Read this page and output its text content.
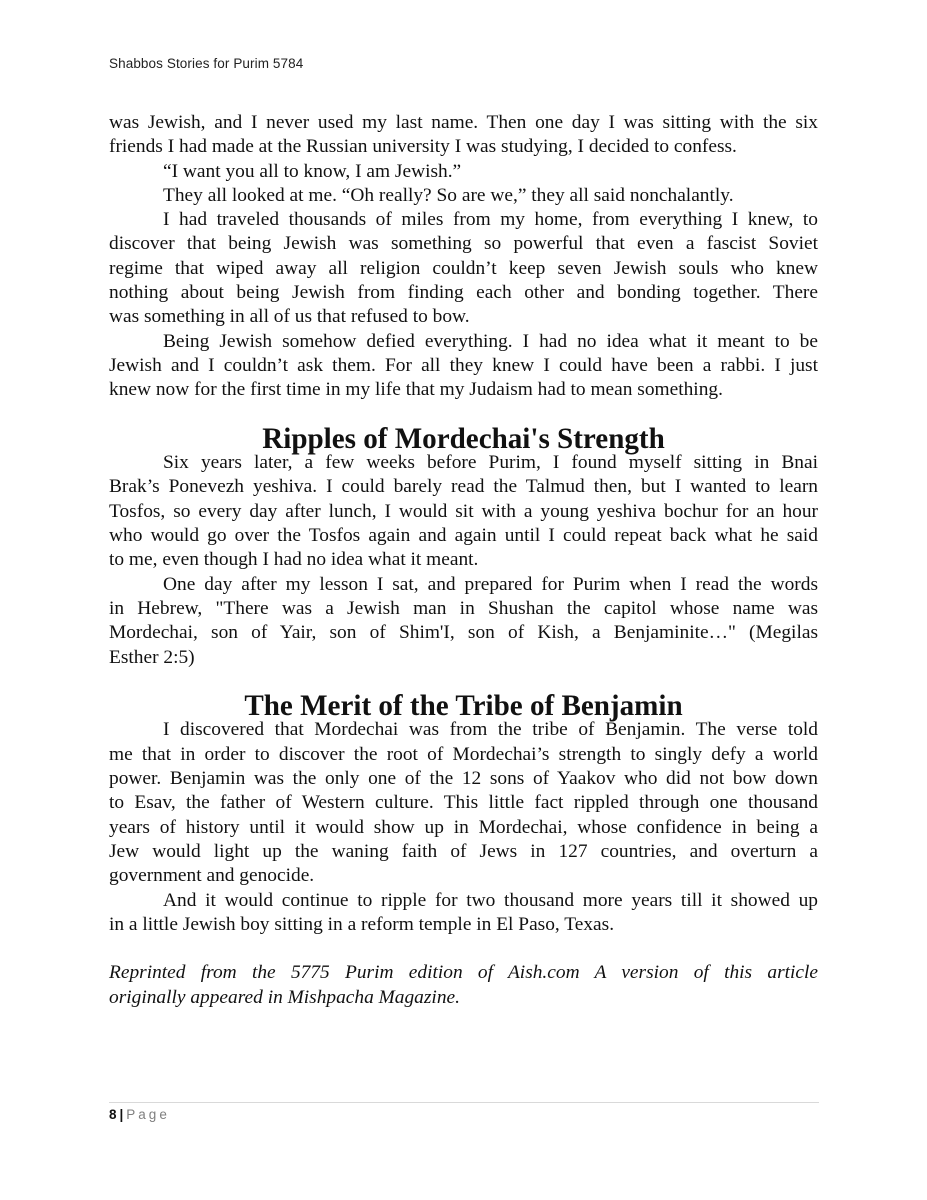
Shabbos Stories for Purim 5784

was Jewish, and I never used my last name. Then one day I was sitting with the six
friends I had made at the Russian university I was studying, I decided to confess.

“I want you all to know, I am Jewish.”

They all looked at me. “Oh really? So are we,” they all said nonchalantly.

I had traveled thousands of miles from my home, from everything I knew, to
discover that being Jewish was something so powerful that even a fascist Soviet
regime that wiped away all religion couldn’t keep seven Jewish souls who knew
nothing about being Jewish from finding each other and bonding together. There
was something in all of us that refused to bow.

Being Jewish somehow defied everything. I had no idea what it meant to be
Jewish and I couldn’t ask them. For all they knew I could have been a rabbi. I just
knew now for the first time in my life that my Judaism had to mean something.

Ripples of Mordechai's Strength

Six years later, a few weeks before Purim, I found myself sitting in Bnai
Brak’s Ponevezh yeshiva. I could barely read the Talmud then, but I wanted to learn
Tosfos, so every day after lunch, I would sit with a young yeshiva bochur for an hour
who would go over the Tosfos again and again until I could repeat back what he said
to me, even though I had no idea what it meant.

One day after my lesson I sat, and prepared for Purim when I read the words
in Hebrew, "There was a Jewish man in Shushan the capitol whose name was
Mordechai, son of Yair, son of Shim'I, son of Kish, a Benjaminite…" (Megilas
Esther 2:5)

The Merit of the Tribe of Benjamin

I discovered that Mordechai was from the tribe of Benjamin. The verse told
me that in order to discover the root of Mordechai’s strength to singly defy a world
power. Benjamin was the only one of the 12 sons of Yaakov who did not bow down
to Esav, the father of Western culture. This little fact rippled through one thousand
years of history until it would show up in Mordechai, whose confidence in being a
Jew would light up the waning faith of Jews in 127 countries, and overturn a
government and genocide.

And it would continue to ripple for two thousand more years till it showed up
in a little Jewish boy sitting in a reform temple in El Paso, Texas.

Reprinted from the 5775 Purim edition of Aish.com A version of this article
originally appeared in Mishpacha Magazine.

8 | Page
